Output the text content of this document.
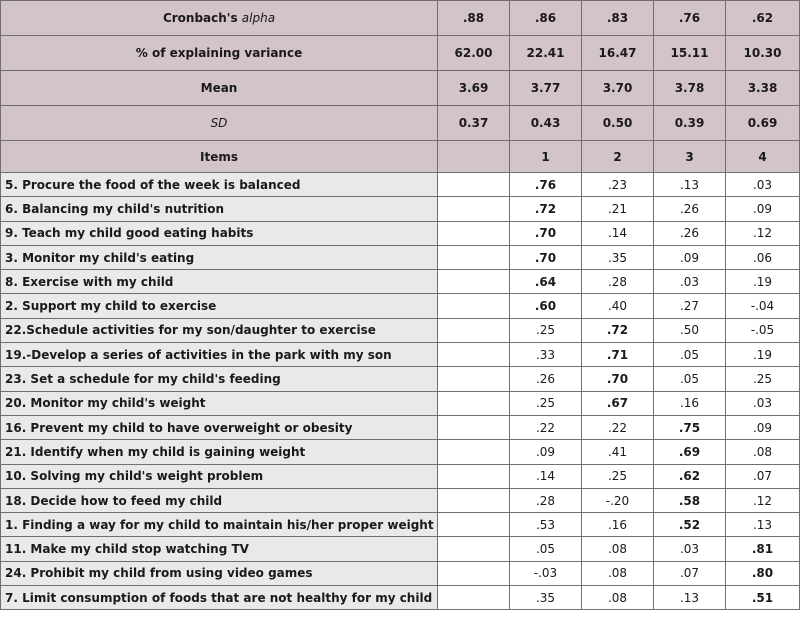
Cronbach's alpha	.88	.86	.83	.76	.62
% of explaining variance	62.00	22.41	16.47	15.11	10.30
Mean	3.69	3.77	3.70	3.78	3.38
SD	0.37	0.43	0.50	0.39	0.69
Items		1	2	3	4
5. Procure the food of the week is balanced		.76	.23	.13	.03
6. Balancing my child's nutrition		.72	.21	.26	.09
9. Teach my child good eating habits		.70	.14	.26	.12
3. Monitor my child's eating		.70	.35	.09	.06
8. Exercise with my child		.64	.28	.03	.19
2. Support my child to exercise		.60	.40	.27	-.04
22.Schedule activities for my son/daughter to exercise		.25	.72	.50	-.05
19.-Develop a series of activities in the park with my son		.33	.71	.05	.19
23. Set a schedule for my child's feeding		.26	.70	.05	.25
20. Monitor my child's weight		.25	.67	.16	.03
16. Prevent my child to have overweight or obesity		.22	.22	.75	.09
21. Identify when my child is gaining weight		.09	.41	.69	.08
10. Solving my child's weight problem		.14	.25	.62	.07
18. Decide how to feed my child		.28	-.20	.58	.12
1. Finding a way for my child to maintain his/her proper weight		.53	.16	.52	.13
11. Make my child stop watching TV		.05	.08	.03	.81
24. Prohibit my child from using video games		-.03	.08	.07	.80
7. Limit consumption of foods that are not healthy for my child		.35	.08	.13	.51
